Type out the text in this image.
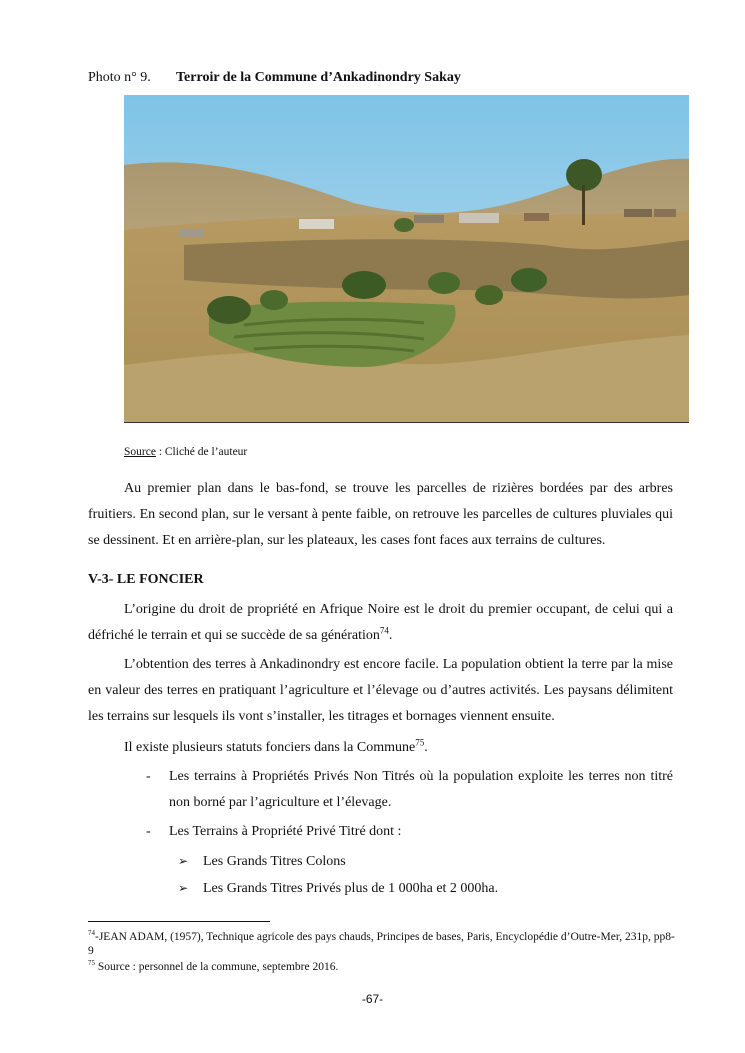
Photo n° 9. Terroir de la Commune d’Ankadinondry Sakay
Source : Cliché de l’auteur

Au premier plan dans le bas-fond, se trouve les parcelles de rizières bordées par des arbres fruitiers. En second plan, sur le versant à pente faible, on retrouve les parcelles de cultures pluviales qui se dessinent. Et en arrière-plan, sur les plateaux, les cases font faces aux terrains de cultures.

V-3- LE FONCIER

L’origine du droit de propriété en Afrique Noire est le droit du premier occupant, de celui qui a défriché le terrain et qui se succède de sa génération$^{74}$.

L’obtention des terres à Ankadinondry est encore facile. La population obtient la terre par la mise en valeur des terres en pratiquant l’agriculture et l’élevage ou d’autres activités. Les paysans délimitent les terrains sur lesquels ils vont s’installer, les titrages et bornages viennent ensuite.

Il existe plusieurs statuts fonciers dans la Commune$^{75}$.

- Les terrains à Propriétés Privés Non Titrés où la population exploite les terres non titré non borné par l’agriculture et l’élevage.
- Les Terrains à Propriété Privé Titré dont :
➢ Les Grands Titres Colons
➢ Les Grands Titres Privés plus de 1 000ha et 2 000ha.
$^{74}$-JEAN ADAM, (1957), Technique agricole des pays chauds, Principes de bases, Paris, Encyclopédie d’Outre-Mer, 231p, pp8-9
$^{75}$ Source : personnel de la commune, septembre 2016.
-67-
